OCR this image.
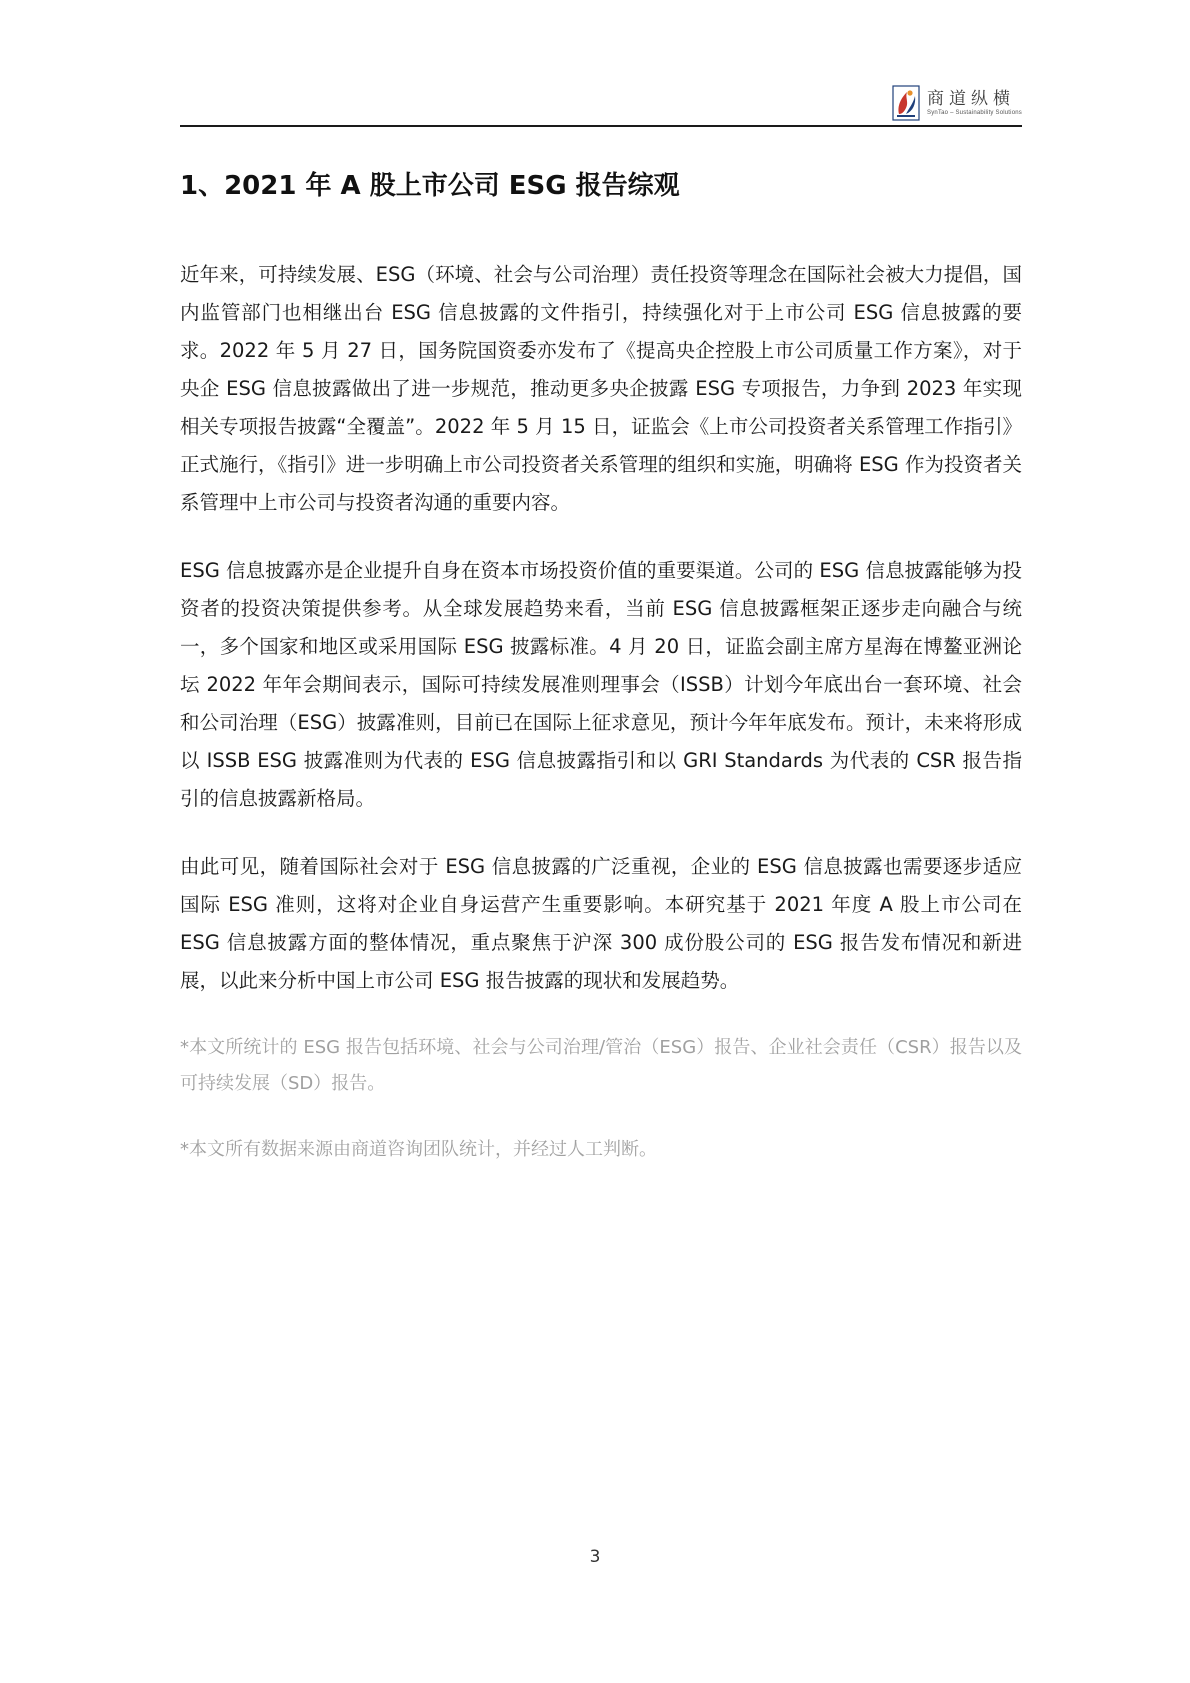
商道纵横
SynTao – Sustainability Solutions
1、2021 年 A 股上市公司 ESG 报告综观

近年来，可持续发展、ESG（环境、社会与公司治理）责任投资等理念在国际社会被大力提倡，国内监管部门也相继出台 ESG 信息披露的文件指引，持续强化对于上市公司 ESG 信息披露的要求。2022 年 5 月 27 日，国务院国资委亦发布了《提高央企控股上市公司质量工作方案》，对于央企 ESG 信息披露做出了进一步规范，推动更多央企披露 ESG 专项报告，力争到 2023 年实现相关专项报告披露“全覆盖”。2022 年 5 月 15 日，证监会《上市公司投资者关系管理工作指引》正式施行，《指引》进一步明确上市公司投资者关系管理的组织和实施，明确将 ESG 作为投资者关系管理中上市公司与投资者沟通的重要内容。

ESG 信息披露亦是企业提升自身在资本市场投资价值的重要渠道。公司的 ESG 信息披露能够为投资者的投资决策提供参考。从全球发展趋势来看，当前 ESG 信息披露框架正逐步走向融合与统一，多个国家和地区或采用国际 ESG 披露标准。4 月 20 日，证监会副主席方星海在博鳌亚洲论坛 2022 年年会期间表示，国际可持续发展准则理事会（ISSB）计划今年底出台一套环境、社会和公司治理（ESG）披露准则，目前已在国际上征求意见，预计今年年底发布。预计，未来将形成以 ISSB ESG 披露准则为代表的 ESG 信息披露指引和以 GRI Standards 为代表的 CSR 报告指引的信息披露新格局。

由此可见，随着国际社会对于 ESG 信息披露的广泛重视，企业的 ESG 信息披露也需要逐步适应国际 ESG 准则，这将对企业自身运营产生重要影响。本研究基于 2021 年度 A 股上市公司在 ESG 信息披露方面的整体情况，重点聚焦于沪深 300 成份股公司的 ESG 报告发布情况和新进展，以此来分析中国上市公司 ESG 报告披露的现状和发展趋势。

*本文所统计的 ESG 报告包括环境、社会与公司治理/管治（ESG）报告、企业社会责任（CSR）报告以及可持续发展（SD）报告。

*本文所有数据来源由商道咨询团队统计，并经过人工判断。

3
